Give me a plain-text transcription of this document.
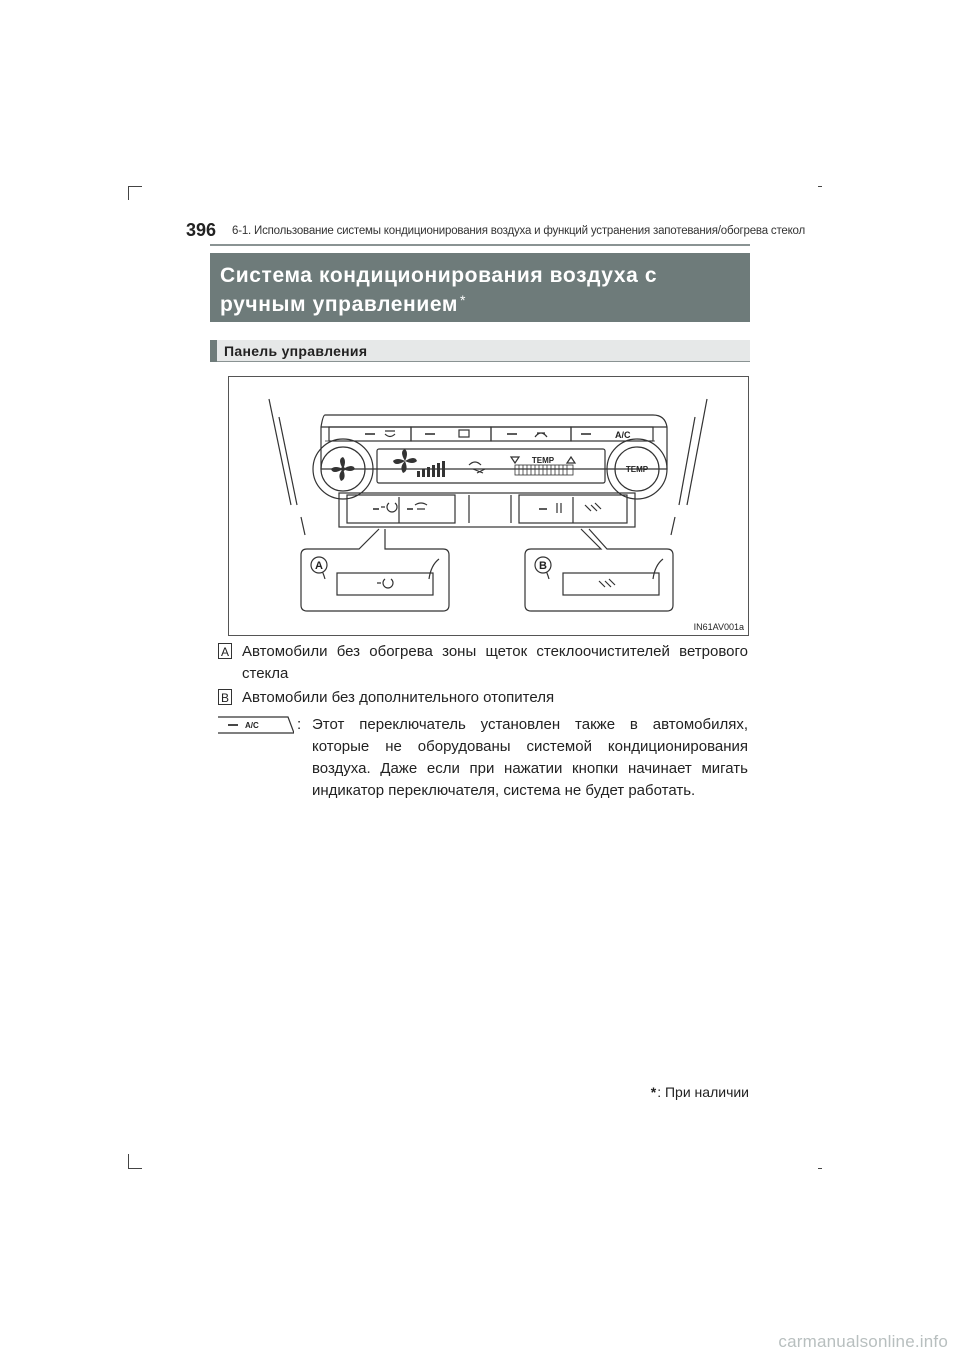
396 6-1. Использование системы кондиционирования воздуха и функций устранения запотевания/обогрева стекол
Система кондиционирования воздуха с ручным управлением *
Панель управления
A	B
A/C
TEMP
TEMP
IN61AV001a
A Автомобили без обогрева зоны щеток стеклоочистителей ветрового стекла
B Автомобили без дополнительного отопителя
A/C	: Этот переключатель установлен также в автомобилях, которые не оборудованы системой кондиционирования воздуха. Даже если при нажатии кнопки начинает мигать индикатор переключателя, система не будет работать.
*: При наличии
carmanualsonline.info
